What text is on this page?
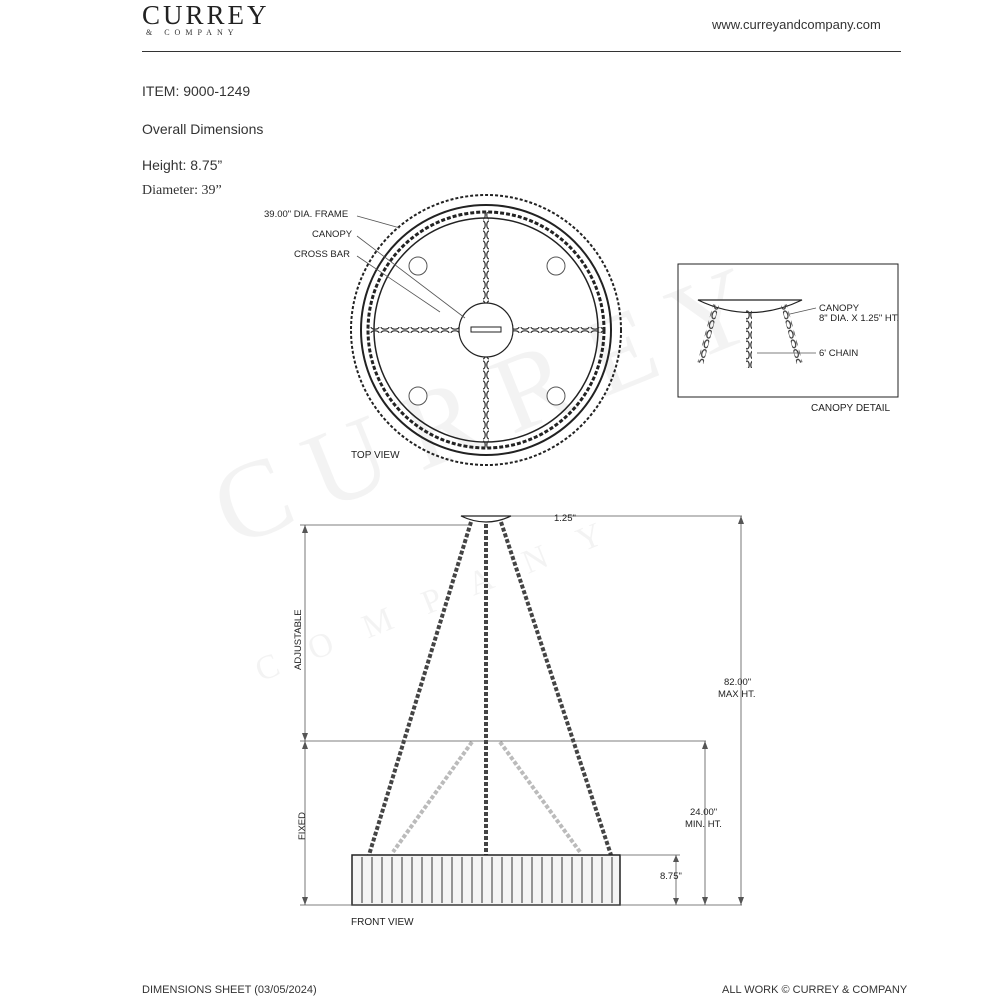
CURREY
& COMPANY
www.curreyandcompany.com
ITEM: 9000-1249
Overall Dimensions
Height: 8.75”
Diameter: 39”
39.00" DIA. FRAME
CANOPY
CROSS BAR
TOP VIEW
CANOPY
8" DIA. X 1.25" HT.
6' CHAIN
CANOPY DETAIL
1.25"
ADJUSTABLE
FIXED
82.00"
MAX HT.
24.00"
MIN. HT.
8.75"
FRONT VIEW
DIMENSIONS SHEET (03/05/2024)	ALL WORK © CURREY & COMPANY
